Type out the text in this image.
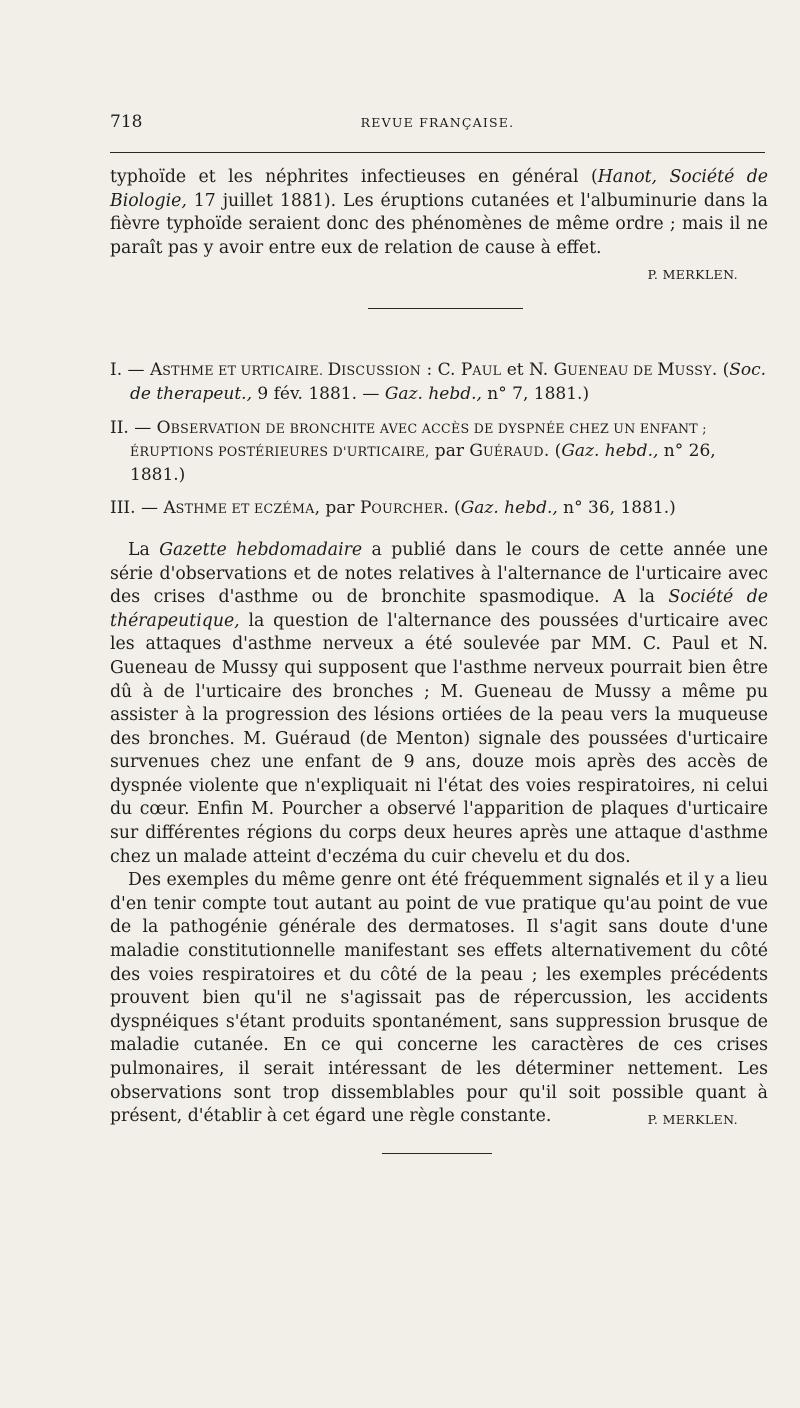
718	REVUE FRANÇAISE.

typhoïde et les néphrites infectieuses en général (Hanot, Société de Biologie, 17 juillet 1881). Les éruptions cutanées et l'albuminurie dans la fièvre typhoïde seraient donc des phénomènes de même ordre ; mais il ne paraît pas y avoir entre eux de relation de cause à effet.

P. MERKLEN.

I. — ASTHME ET URTICAIRE. DISCUSSION : C. PAUL et N. GUENEAU DE MUSSY. (Soc. de therapeut., 9 fév. 1881. — Gaz. hebd., n° 7, 1881.)

II. — OBSERVATION DE BRONCHITE AVEC ACCÈS DE DYSPNÉE CHEZ UN ENFANT ; ÉRUPTIONS POSTÉRIEURES D'URTICAIRE, par GUÉRAUD. (Gaz. hebd., n° 26, 1881.)

III. — ASTHME ET ECZÉMA, par POURCHER. (Gaz. hebd., n° 36, 1881.)

La Gazette hebdomadaire a publié dans le cours de cette année une série d'observations et de notes relatives à l'alternance de l'urticaire avec des crises d'asthme ou de bronchite spasmodique. A la Société de thérapeutique, la question de l'alternance des poussées d'urticaire avec les attaques d'asthme nerveux a été soulevée par MM. C. Paul et N. Gueneau de Mussy qui supposent que l'asthme nerveux pourrait bien être dû à de l'urticaire des bronches ; M. Gueneau de Mussy a même pu assister à la progression des lésions ortiées de la peau vers la muqueuse des bronches. M. Guéraud (de Menton) signale des poussées d'urticaire survenues chez une enfant de 9 ans, douze mois après des accès de dyspnée violente que n'expliquait ni l'état des voies respiratoires, ni celui du cœur. Enfin M. Pourcher a observé l'apparition de plaques d'urticaire sur différentes régions du corps deux heures après une attaque d'asthme chez un malade atteint d'eczéma du cuir chevelu et du dos.

Des exemples du même genre ont été fréquemment signalés et il y a lieu d'en tenir compte tout autant au point de vue pratique qu'au point de vue de la pathogénie générale des dermatoses. Il s'agit sans doute d'une maladie constitutionnelle manifestant ses effets alternativement du côté des voies respiratoires et du côté de la peau ; les exemples précédents prouvent bien qu'il ne s'agissait pas de répercussion, les accidents dyspnéiques s'étant produits spontanément, sans suppression brusque de maladie cutanée. En ce qui concerne les caractères de ces crises pulmonaires, il serait intéressant de les déterminer nettement. Les observations sont trop dissemblables pour qu'il soit possible quant à présent, d'établir à cet égard une règle constante.	P. MERKLEN.
